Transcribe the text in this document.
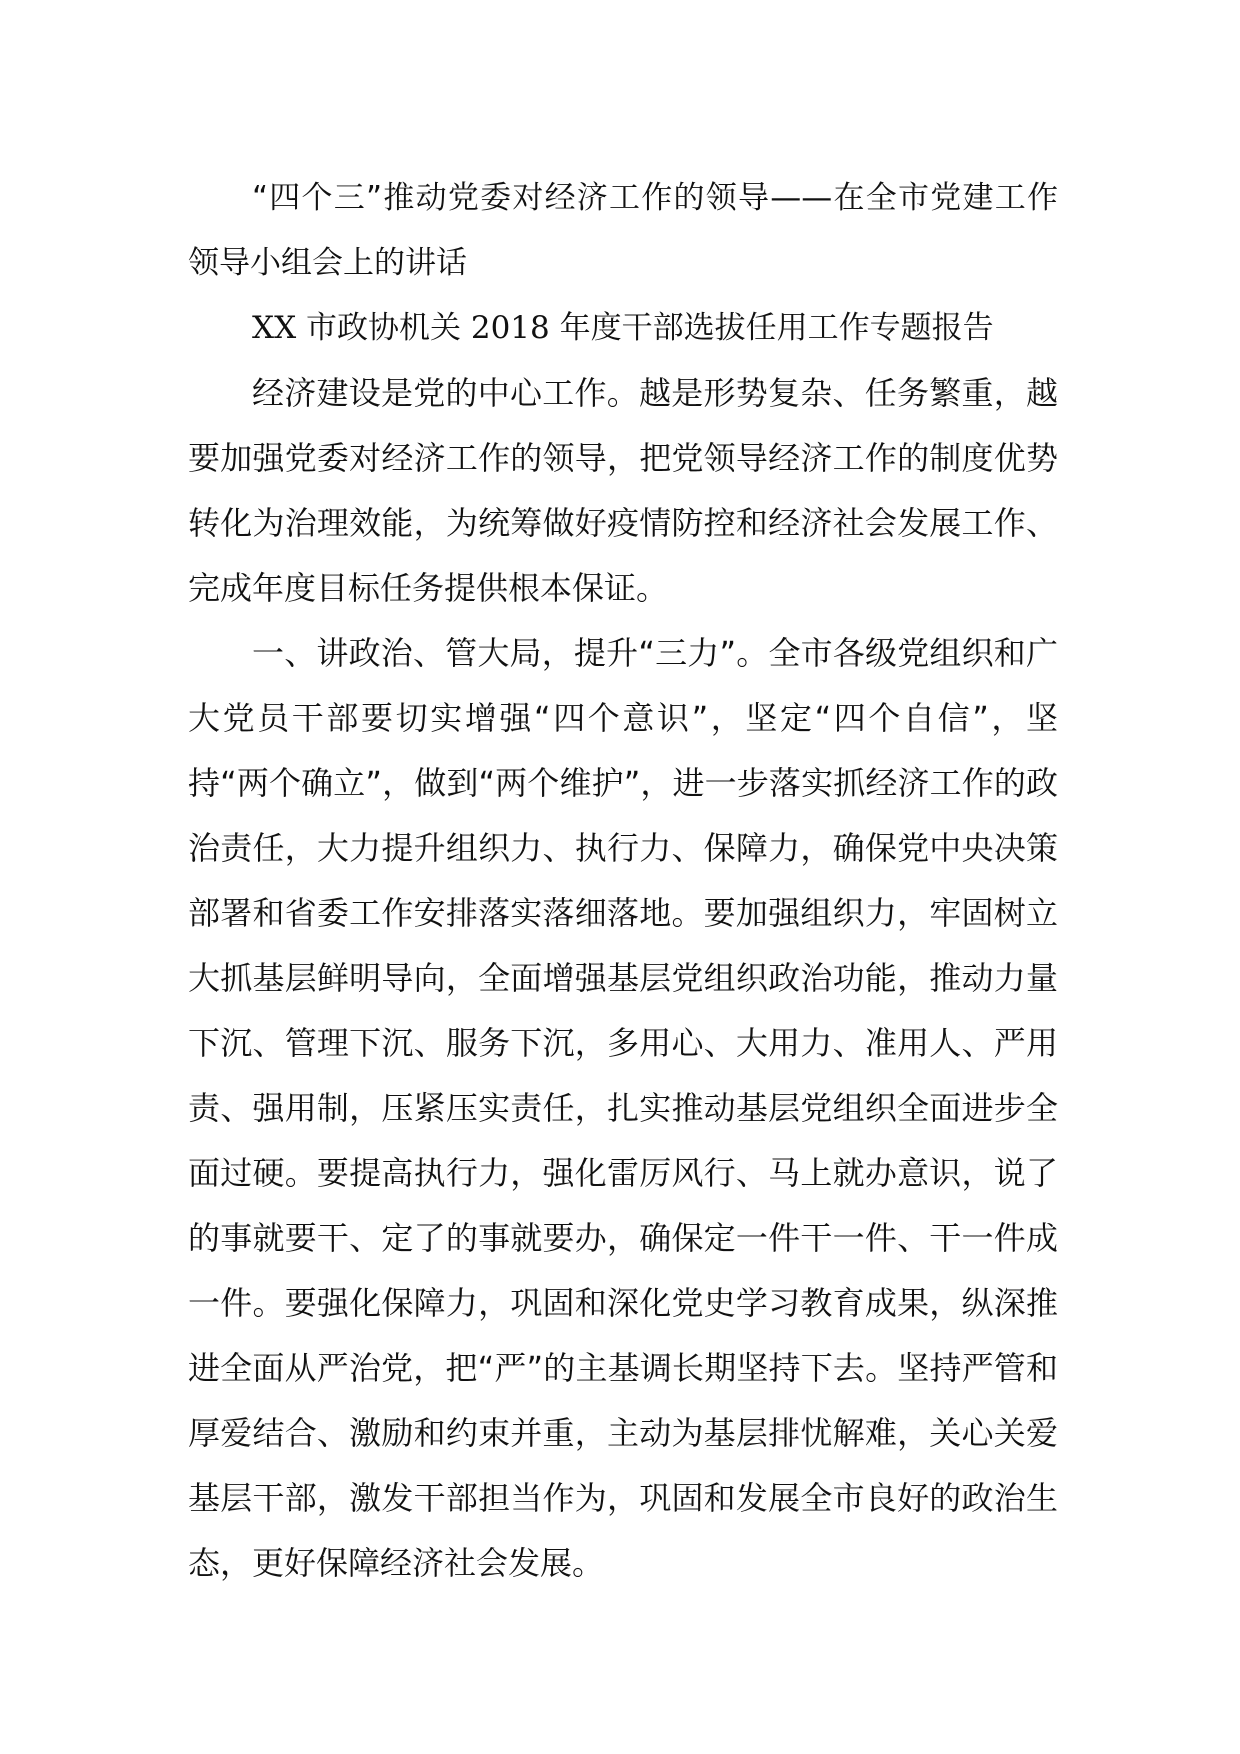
“四个三”推动党委对经济工作的领导——在全市党建工作领导小组会上的讲话

XX 市政协机关 2018 年度干部选拔任用工作专题报告

经济建设是党的中心工作。越是形势复杂、任务繁重，越要加强党委对经济工作的领导，把党领导经济工作的制度优势转化为治理效能，为统筹做好疫情防控和经济社会发展工作、完成年度目标任务提供根本保证。

一、讲政治、管大局，提升“三力”。全市各级党组织和广大党员干部要切实增强“四个意识”，坚定“四个自信”，坚持“两个确立”，做到“两个维护”，进一步落实抓经济工作的政治责任，大力提升组织力、执行力、保障力，确保党中央决策部署和省委工作安排落实落细落地。要加强组织力，牢固树立大抓基层鲜明导向，全面增强基层党组织政治功能，推动力量下沉、管理下沉、服务下沉，多用心、大用力、准用人、严用责、强用制，压紧压实责任，扎实推动基层党组织全面进步全面过硬。要提高执行力，强化雷厉风行、马上就办意识，说了的事就要干、定了的事就要办，确保定一件干一件、干一件成一件。要强化保障力，巩固和深化党史学习教育成果，纵深推进全面从严治党，把“严”的主基调长期坚持下去。坚持严管和厚爱结合、激励和约束并重，主动为基层排忧解难，关心关爱基层干部，激发干部担当作为，巩固和发展全市良好的政治生态，更好保障经济社会发展。
